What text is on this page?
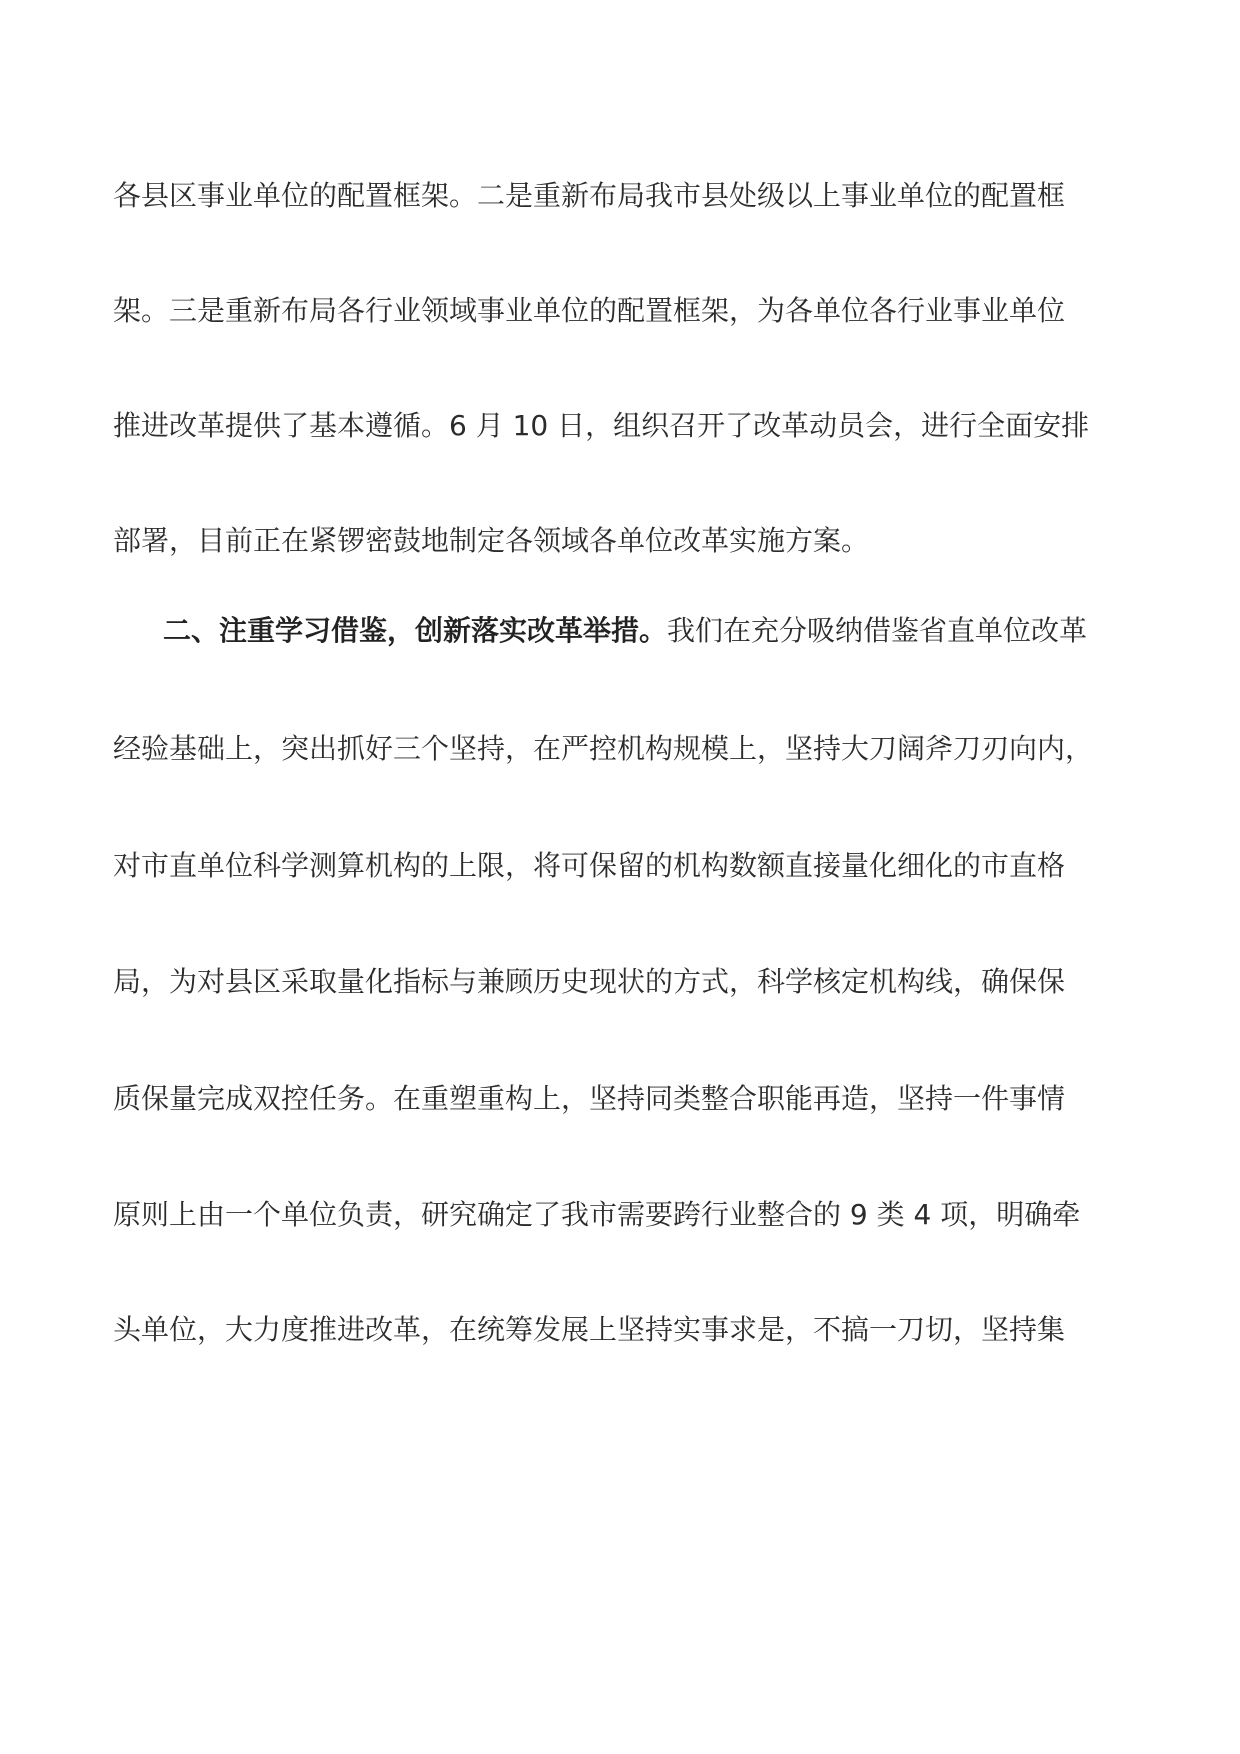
各县区事业单位的配置框架。二是重新布局我市县处级以上事业单位的配置框
架。三是重新布局各行业领域事业单位的配置框架，为各单位各行业事业单位
推进改革提供了基本遵循。6 月 10 日，组织召开了改革动员会，进行全面安排
部署，目前正在紧锣密鼓地制定各领域各单位改革实施方案。
二、注重学习借鉴，创新落实改革举措。我们在充分吸纳借鉴省直单位改革
经验基础上，突出抓好三个坚持，在严控机构规模上，坚持大刀阔斧刀刃向内，
对市直单位科学测算机构的上限，将可保留的机构数额直接量化细化的市直格
局，为对县区采取量化指标与兼顾历史现状的方式，科学核定机构线，确保保
质保量完成双控任务。在重塑重构上，坚持同类整合职能再造，坚持一件事情
原则上由一个单位负责，研究确定了我市需要跨行业整合的 9 类 4 项，明确牵
头单位，大力度推进改革，在统筹发展上坚持实事求是，不搞一刀切，坚持集
